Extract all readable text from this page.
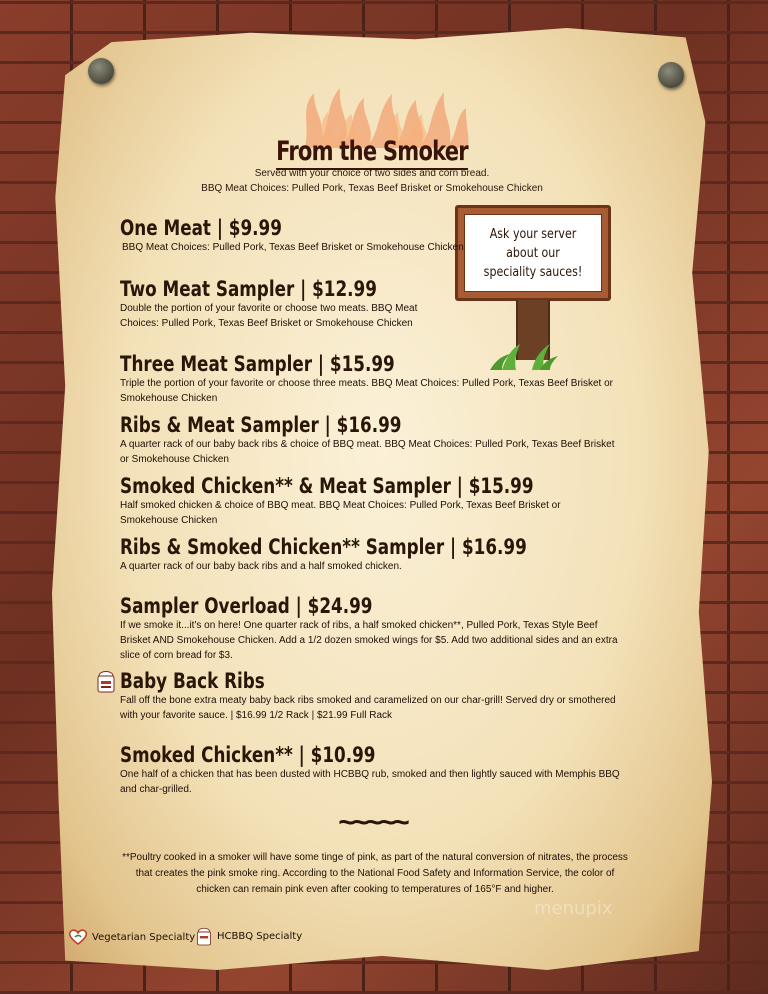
From the Smoker
Served with your choice of two sides and corn bread.
BBQ Meat Choices: Pulled Pork, Texas Beef Brisket or Smokehouse Chicken
Ask your server about our speciality sauces!
One Meat | $9.99
BBQ Meat Choices: Pulled Pork, Texas Beef Brisket or Smokehouse Chicken
Two Meat Sampler | $12.99
Double the portion of your favorite or choose two meats. BBQ Meat Choices: Pulled Pork, Texas Beef Brisket or Smokehouse Chicken
Three Meat Sampler | $15.99
Triple the portion of your favorite or choose three meats. BBQ Meat Choices: Pulled Pork, Texas Beef Brisket or Smokehouse Chicken
Ribs & Meat Sampler | $16.99
A quarter rack of our baby back ribs & choice of BBQ meat. BBQ Meat Choices: Pulled Pork, Texas Beef Brisket or Smokehouse Chicken
Smoked Chicken** & Meat Sampler | $15.99
Half smoked chicken & choice of BBQ meat. BBQ Meat Choices: Pulled Pork, Texas Beef Brisket or Smokehouse Chicken
Ribs & Smoked Chicken** Sampler | $16.99
A quarter rack of our baby back ribs and a half smoked chicken.
Sampler Overload | $24.99
If we smoke it...it's on here! One quarter rack of ribs, a half smoked chicken**, Pulled Pork, Texas Style Beef Brisket AND Smokehouse Chicken. Add a 1/2 dozen smoked wings for $5. Add two additional sides and an extra slice of corn bread for $3.
Baby Back Ribs
Fall off the bone extra meaty baby back ribs smoked and caramelized on our char-grill! Served dry or smothered with your favorite sauce. | $16.99 1/2 Rack | $21.99 Full Rack
Smoked Chicken** | $10.99
One half of a chicken that has been dusted with HCBBQ rub, smoked and then lightly sauced with Memphis BBQ and char-grilled.
~~~~~
**Poultry cooked in a smoker will have some tinge of pink, as part of the natural conversion of nitrates, the process that creates the pink smoke ring. According to the National Food Safety and Information Service, the color of chicken can remain pink even after cooking to temperatures of 165°F and higher.
Vegetarian Specialty HCBBQ Specialty
menupix
